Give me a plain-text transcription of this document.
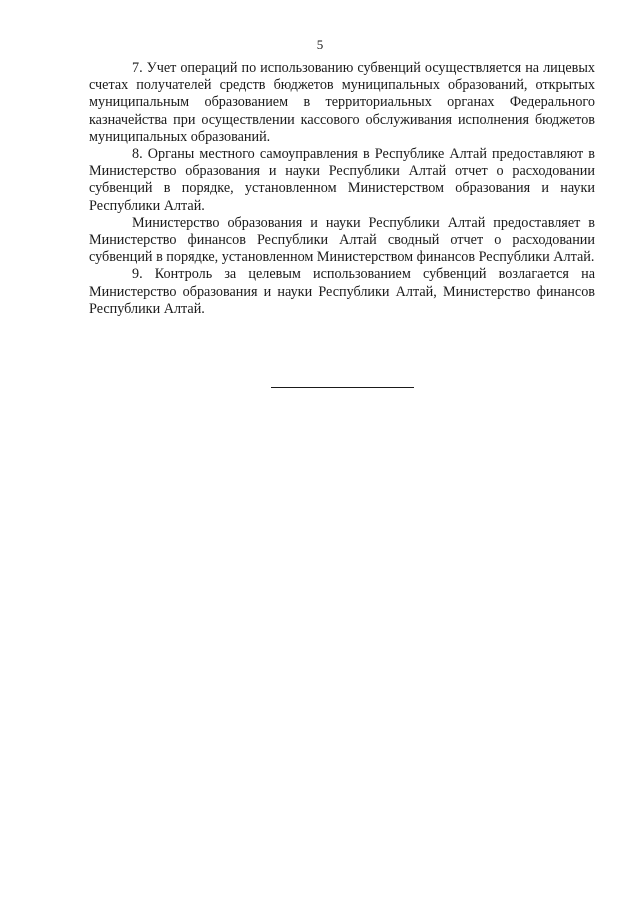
5

7. Учет операций по использованию субвенций осуществляется на лицевых счетах получателей средств бюджетов муниципальных образований, открытых муниципальным образованием в территориальных органах Федерального казначейства при осуществлении кассового обслуживания исполнения бюджетов муниципальных образований.

8. Органы местного самоуправления в Республике Алтай предоставляют в Министерство образования и науки Республики Алтай отчет о расходовании субвенций в порядке, установленном Министерством образования и науки Республики Алтай.

Министерство образования и науки Республики Алтай предоставляет в Министерство финансов Республики Алтай сводный отчет о расходовании субвенций в порядке, установленном Министерством финансов Республики Алтай.

9. Контроль за целевым использованием субвенций возлагается на Министерство образования и науки Республики Алтай, Министерство финансов Республики Алтай.
